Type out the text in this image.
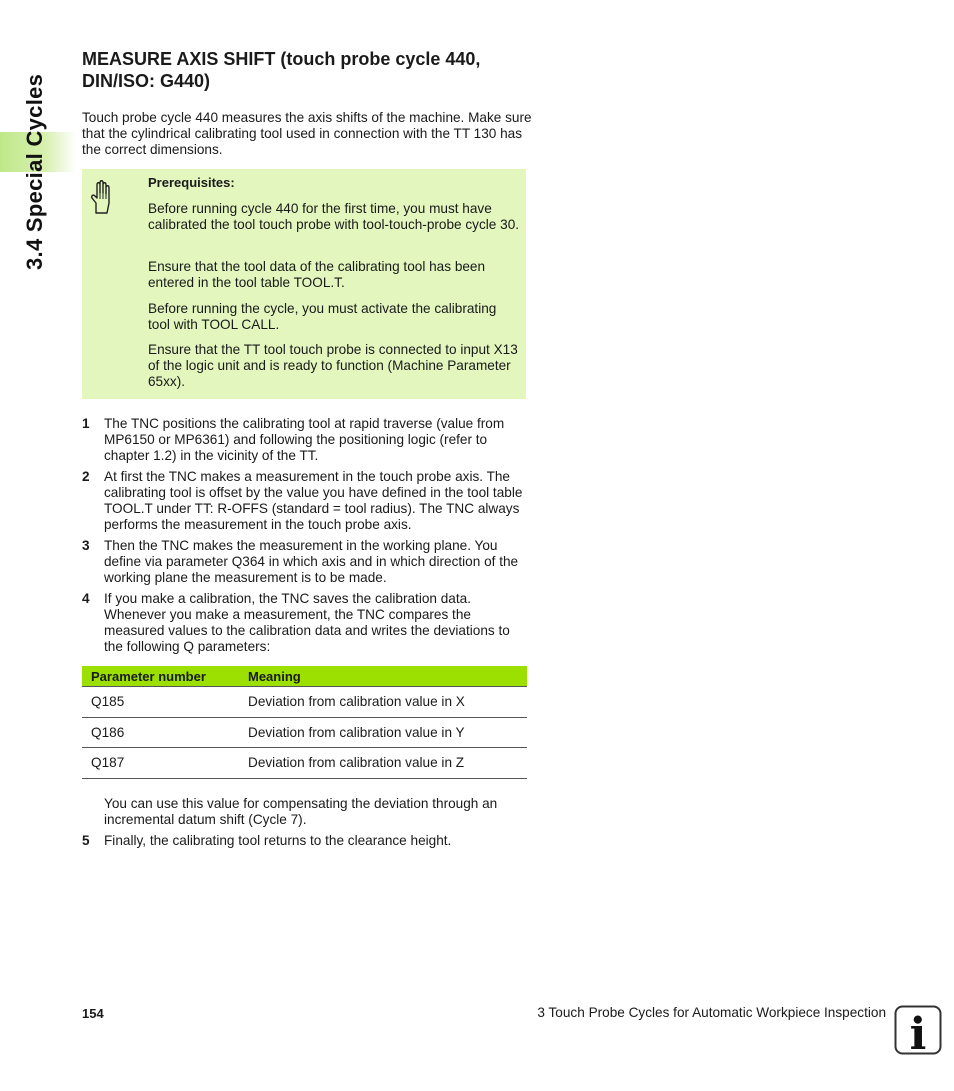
MEASURE AXIS SHIFT (touch probe cycle 440,
DIN/ISO: G440)

Touch probe cycle 440 measures the axis shifts of the machine. Make sure that the cylindrical calibrating tool used in connection with the TT 130 has the correct dimensions.

Prerequisites:

Before running cycle 440 for the first time, you must have calibrated the tool touch probe with tool-touch-probe cycle 30.

Ensure that the tool data of the calibrating tool has been entered in the tool table TOOL.T.

Before running the cycle, you must activate the calibrating tool with TOOL CALL.

Ensure that the TT tool touch probe is connected to input X13 of the logic unit and is ready to function (Machine Parameter 65xx).

1 The TNC positions the calibrating tool at rapid traverse (value from MP6150 or MP6361) and following the positioning logic (refer to chapter 1.2) in the vicinity of the TT.

2 At first the TNC makes a measurement in the touch probe axis. The calibrating tool is offset by the value you have defined in the tool table TOOL.T under TT: R-OFFS (standard = tool radius). The TNC always performs the measurement in the touch probe axis.

3 Then the TNC makes the measurement in the working plane. You define via parameter Q364 in which axis and in which direction of the working plane the measurement is to be made.

4 If you make a calibration, the TNC saves the calibration data. Whenever you make a measurement, the TNC compares the measured values to the calibration data and writes the deviations to the following Q parameters:

Parameter number	Meaning
Q185	Deviation from calibration value in X
Q186	Deviation from calibration value in Y
Q187	Deviation from calibration value in Z

You can use this value for compensating the deviation through an incremental datum shift (Cycle 7).

5 Finally, the calibrating tool returns to the clearance height.

154	3 Touch Probe Cycles for Automatic Workpiece Inspection i
